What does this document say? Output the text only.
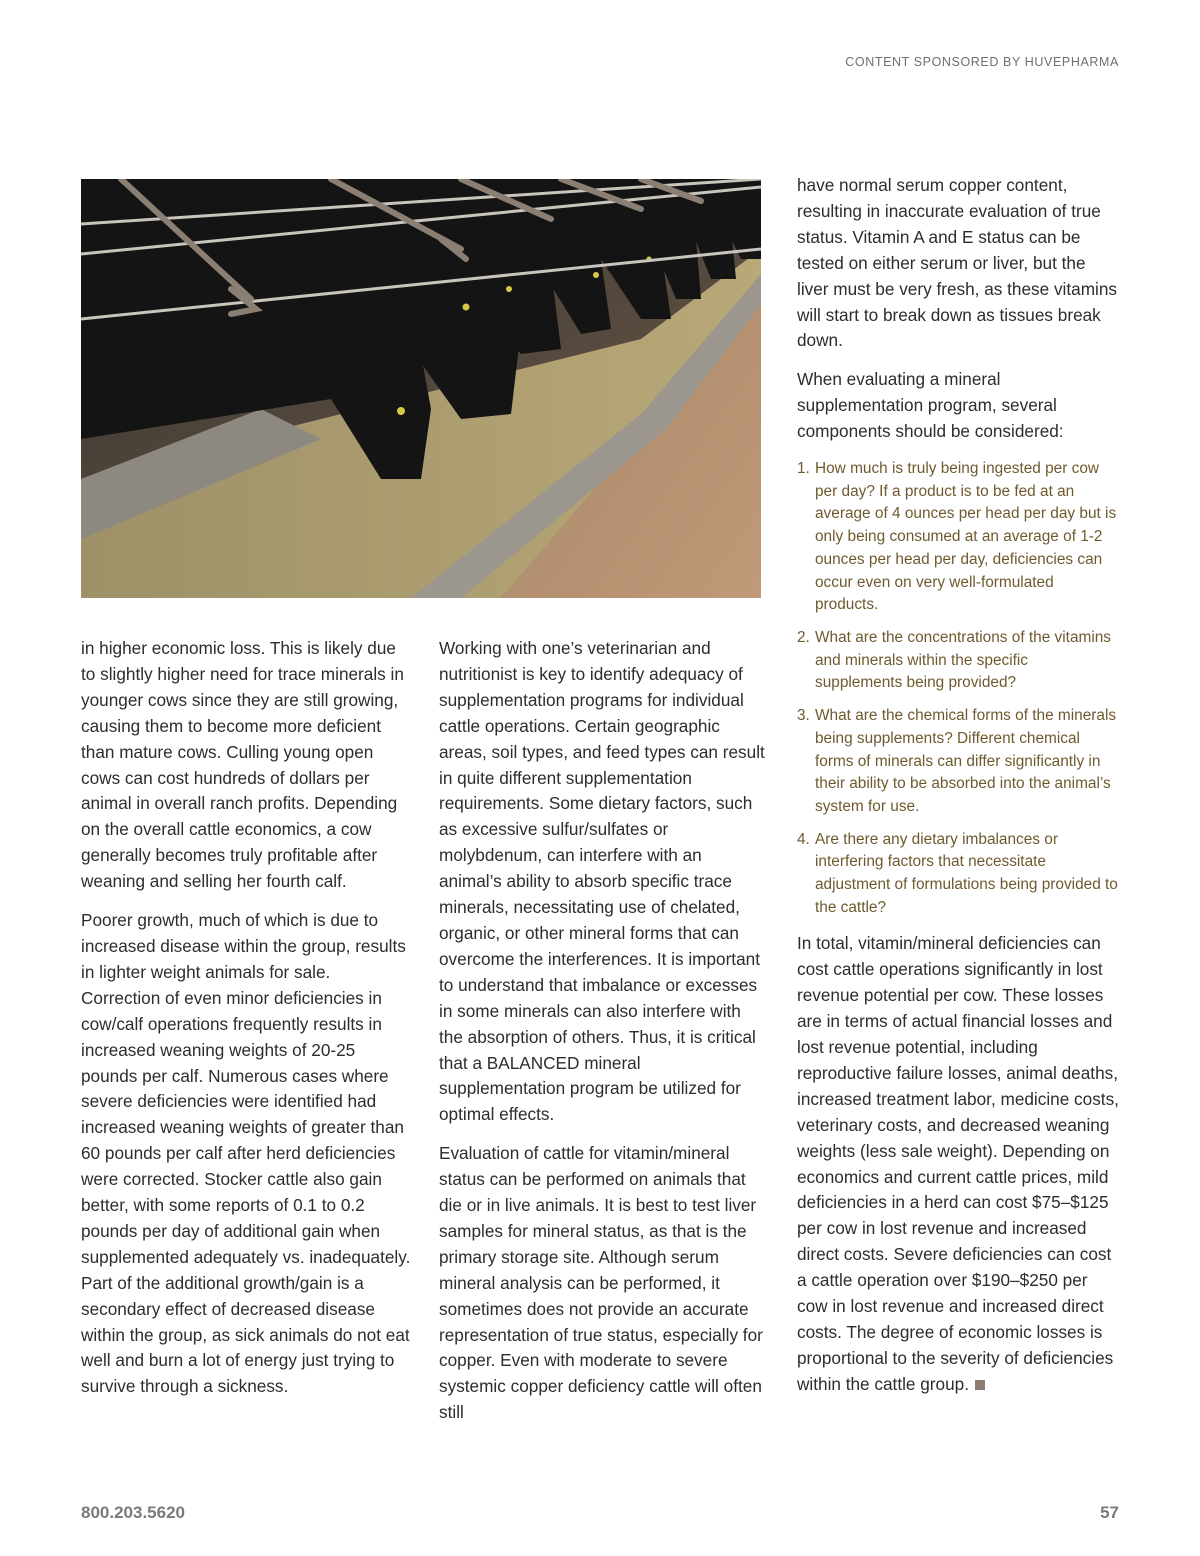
CONTENT SPONSORED BY HUVEPHARMA

in higher economic loss. This is likely due to slightly higher need for trace minerals in younger cows since they are still growing, causing them to become more deficient than mature cows. Culling young open cows can cost hundreds of dollars per animal in overall ranch profits. Depending on the overall cattle economics, a cow generally becomes truly profitable after weaning and selling her fourth calf.

Poorer growth, much of which is due to increased disease within the group, results in lighter weight animals for sale. Correction of even minor deficiencies in cow/calf operations frequently results in increased weaning weights of 20-25 pounds per calf. Numerous cases where severe deficiencies were identified had increased weaning weights of greater than 60 pounds per calf after herd deficiencies were corrected. Stocker cattle also gain better, with some reports of 0.1 to 0.2 pounds per day of additional gain when supplemented adequately vs. inadequately. Part of the additional growth/gain is a secondary effect of decreased disease within the group, as sick animals do not eat well and burn a lot of energy just trying to survive through a sickness.

Working with one’s veterinarian and nutritionist is key to identify adequacy of supplementation programs for individual cattle operations. Certain geographic areas, soil types, and feed types can result in quite different supplementation requirements. Some dietary factors, such as excessive sulfur/sulfates or molybdenum, can interfere with an animal’s ability to absorb specific trace minerals, necessitating use of chelated, organic, or other mineral forms that can overcome the interferences. It is important to understand that imbalance or excesses in some minerals can also interfere with the absorption of others. Thus, it is critical that a BALANCED mineral supplementation program be utilized for optimal effects.

Evaluation of cattle for vitamin/mineral status can be performed on animals that die or in live animals. It is best to test liver samples for mineral status, as that is the primary storage site. Although serum mineral analysis can be performed, it sometimes does not provide an accurate representation of true status, especially for copper. Even with moderate to severe systemic copper deficiency cattle will often still

have normal serum copper content, resulting in inaccurate evaluation of true status. Vitamin A and E status can be tested on either serum or liver, but the liver must be very fresh, as these vitamins will start to break down as tissues break down.

When evaluating a mineral supplementation program, several components should be considered:

1. How much is truly being ingested per cow per day? If a product is to be fed at an average of 4 ounces per head per day but is only being consumed at an average of 1-2 ounces per head per day, deficiencies can occur even on very well-formulated products.
2. What are the concentrations of the vitamins and minerals within the specific supplements being provided?
3. What are the chemical forms of the minerals being supplements? Different chemical forms of minerals can differ significantly in their ability to be absorbed into the animal’s system for use.
4. Are there any dietary imbalances or interfering factors that necessitate adjustment of formulations being provided to the cattle?

In total, vitamin/mineral deficiencies can cost cattle operations significantly in lost revenue potential per cow. These losses are in terms of actual financial losses and lost revenue potential, including reproductive failure losses, animal deaths, increased treatment labor, medicine costs, veterinary costs, and decreased weaning weights (less sale weight). Depending on economics and current cattle prices, mild deficiencies in a herd can cost $75–$125 per cow in lost revenue and increased direct costs. Severe deficiencies can cost a cattle operation over $190–$250 per cow in lost revenue and increased direct costs. The degree of economic losses is proportional to the severity of deficiencies within the cattle group.

800.203.5620	57
